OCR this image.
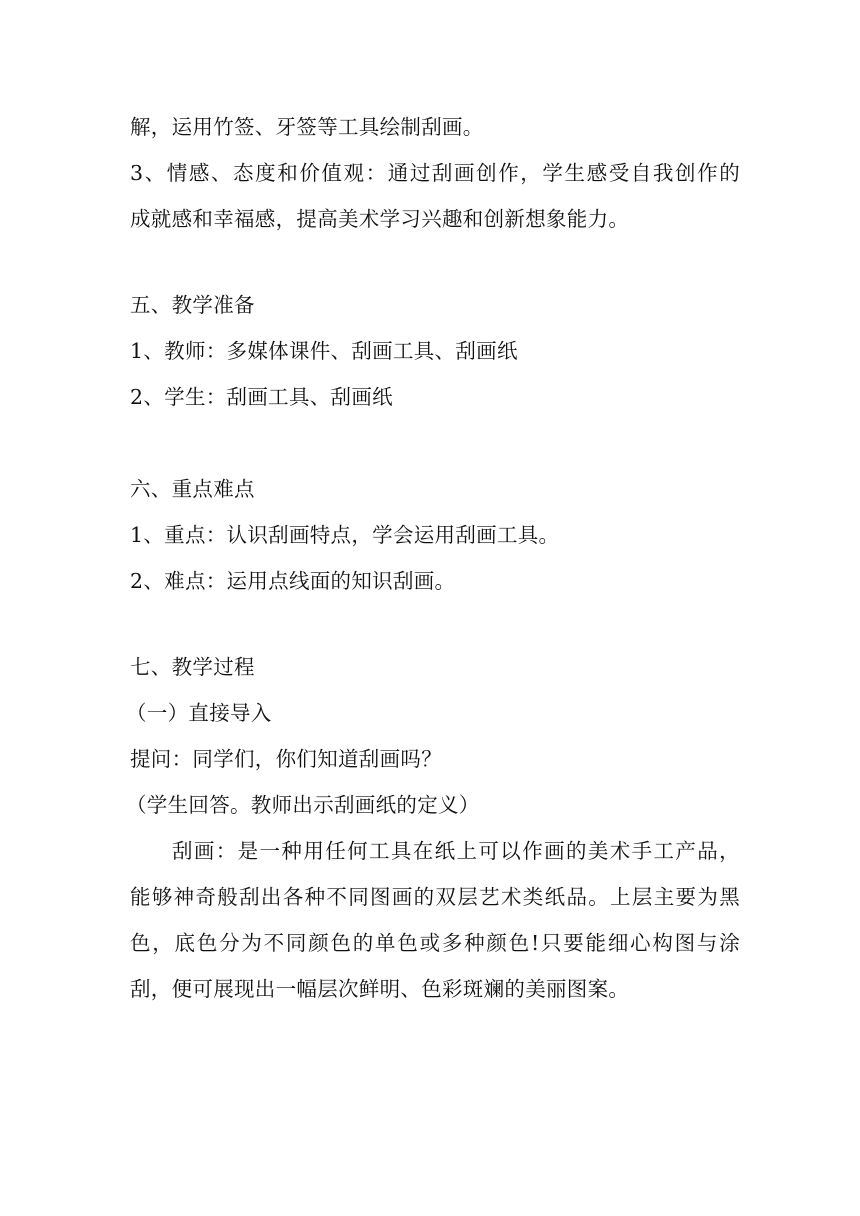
解，运用竹签、牙签等工具绘制刮画。
3、情感、态度和价值观：通过刮画创作，学生感受自我创作的
成就感和幸福感，提高美术学习兴趣和创新想象能力。
五、教学准备
1、教师：多媒体课件、刮画工具、刮画纸
2、学生：刮画工具、刮画纸
六、重点难点
1、重点：认识刮画特点，学会运用刮画工具。
2、难点：运用点线面的知识刮画。
七、教学过程
（一）直接导入
提问：同学们，你们知道刮画吗？
（学生回答。教师出示刮画纸的定义）
刮画：是一种用任何工具在纸上可以作画的美术手工产品，
能够神奇般刮出各种不同图画的双层艺术类纸品。上层主要为黑
色，底色分为不同颜色的单色或多种颜色!只要能细心构图与涂
刮，便可展现出一幅层次鲜明、色彩斑斓的美丽图案。
